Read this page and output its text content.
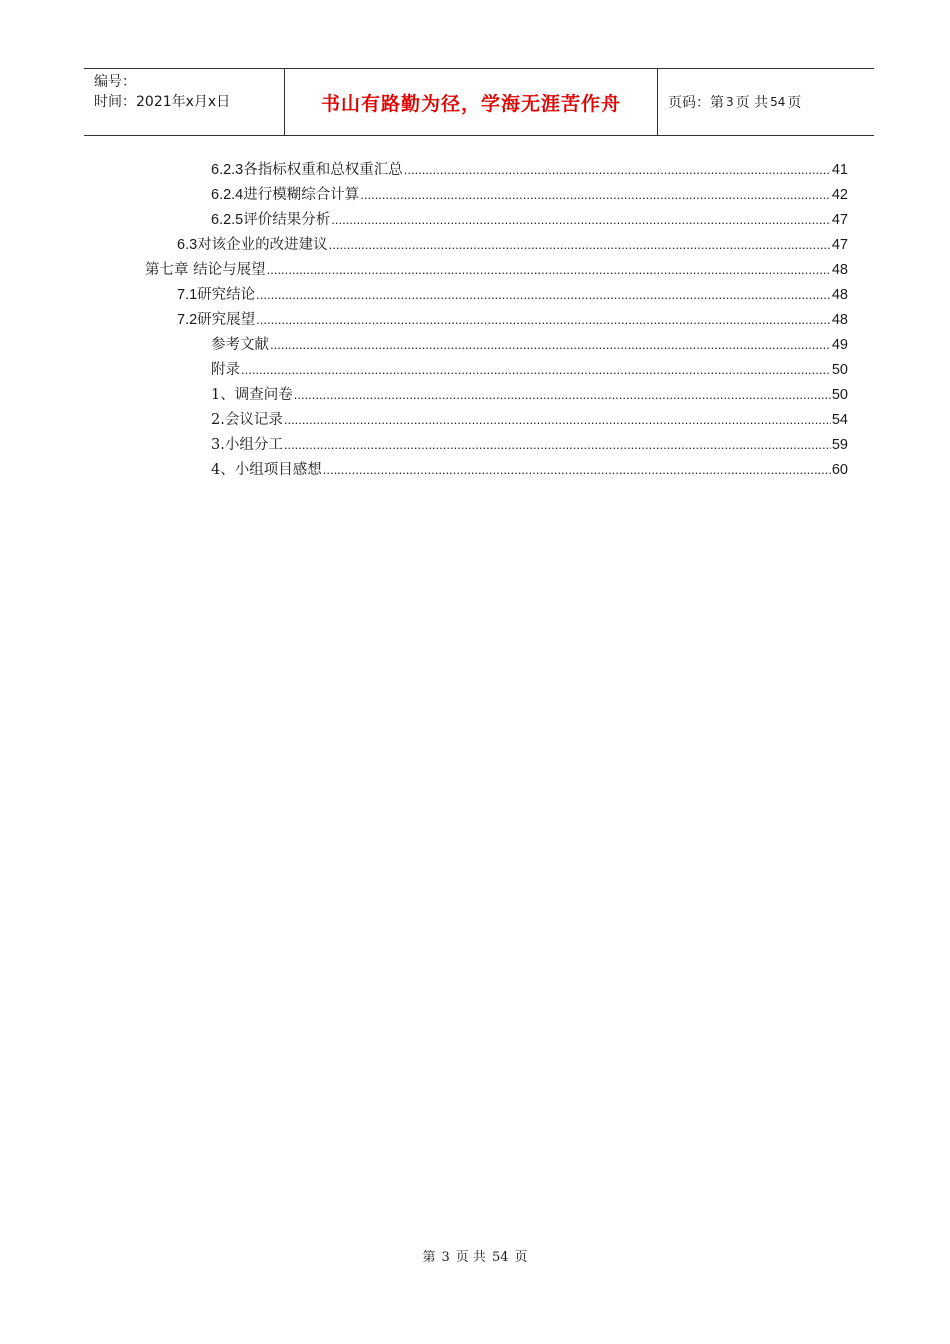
编号：
时间：2021年x月x日	书山有路勤为径，学海无涯苦作舟	页码：第 3 页 共 54 页
6.2.3 各指标权重和总权重汇总 .....	41
6.2.4 进行模糊综合计算 .....	42
6.2.5 评价结果分析 .....	47
6.3 对该企业的改进建议 .....	47
第七章 结论与展望 .....	48
7.1 研究结论 .....	48
7.2 研究展望 .....	48
参考文献 .....	49
附录 .....	50
1、调查问卷 .....	50
2.会议记录 .....	54
3.小组分工 .....	59
4、小组项目感想 .....	60
第 3 页 共 54 页
